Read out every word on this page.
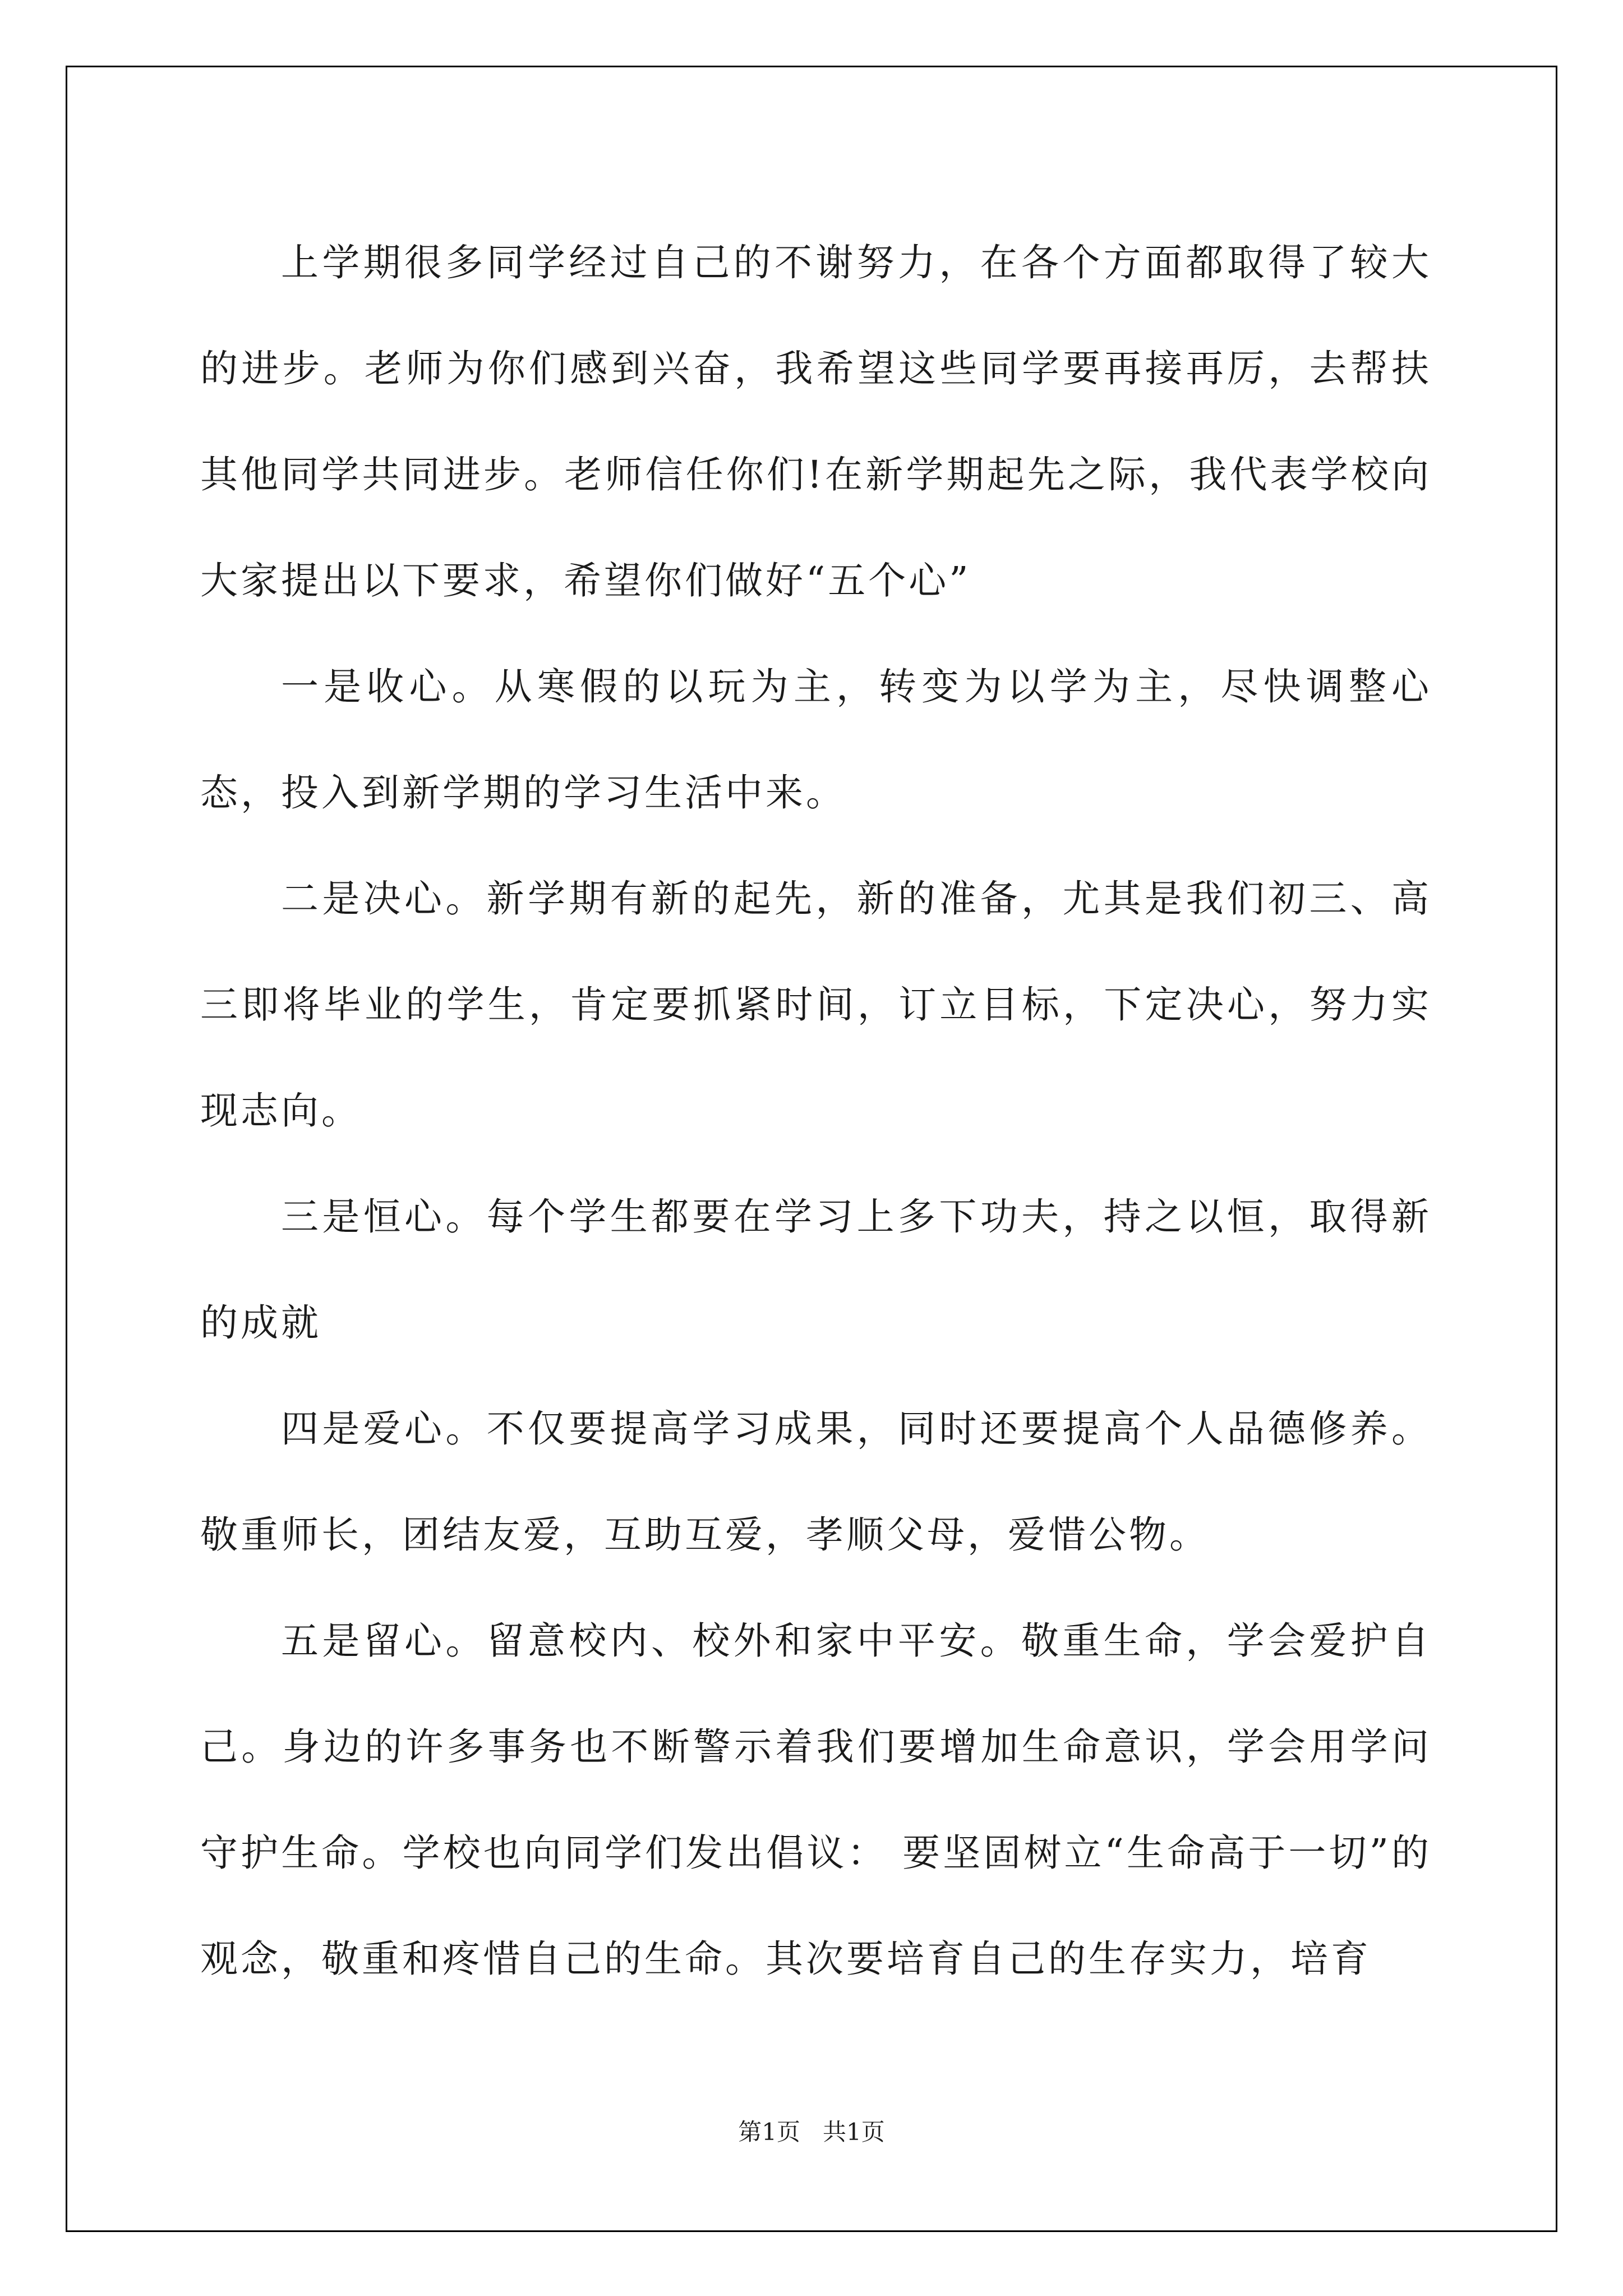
上学期很多同学经过自己的不谢努力，在各个方面都取得了较大的进步。老师为你们感到兴奋，我希望这些同学要再接再厉，去帮扶其他同学共同进步。老师信任你们!在新学期起先之际，我代表学校向大家提出以下要求，希望你们做好“五个心”

一是收心。从寒假的以玩为主，转变为以学为主，尽快调整心态，投入到新学期的学习生活中来。

二是决心。新学期有新的起先，新的准备，尤其是我们初三、高三即将毕业的学生，肯定要抓紧时间，订立目标，下定决心，努力实现志向。

三是恒心。每个学生都要在学习上多下功夫，持之以恒，取得新的成就

四是爱心。不仅要提高学习成果，同时还要提高个人品德修养。敬重师长，团结友爱，互助互爱，孝顺父母，爱惜公物。

五是留心。留意校内、校外和家中平安。敬重生命，学会爱护自己。身边的许多事务也不断警示着我们要增加生命意识，学会用学问守护生命。学校也向同学们发出倡议： 要坚固树立“生命高于一切”的观念，敬重和疼惜自己的生命。其次要培育自己的生存实力，培育

第1页   共1页
